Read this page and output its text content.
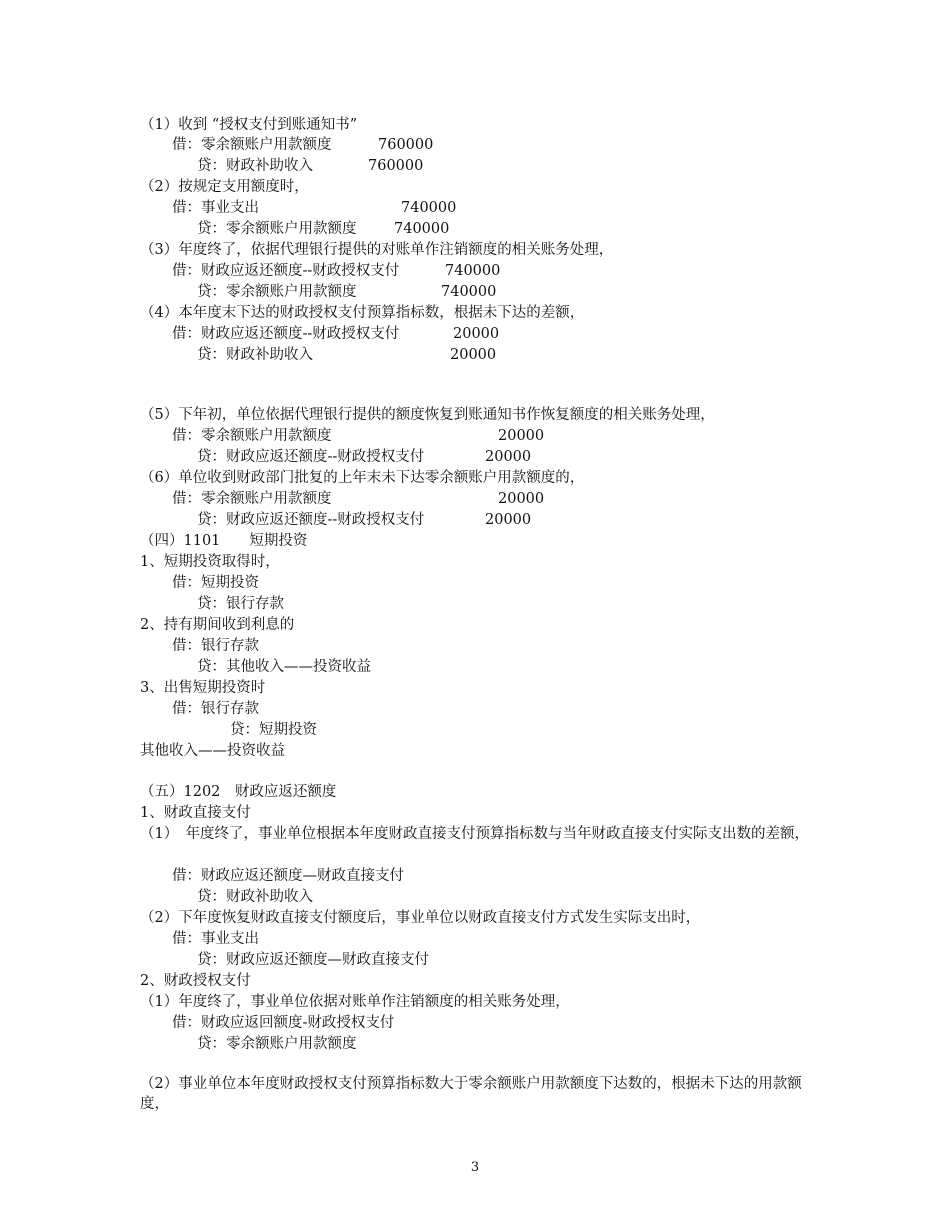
（1）收到 “授权支付到账通知书”
借：零余额账户用款额度	760000
贷：财政补助收入	760000
（2）按规定支用额度时，
借：事业支出	740000
贷：零余额账户用款额度	740000
（3）年度终了，依据代理银行提供的对账单作注销额度的相关账务处理，
借：财政应返还额度--财政授权支付	740000
贷：零余额账户用款额度	740000
（4）本年度末下达的财政授权支付预算指标数，根据未下达的差额，
借：财政应返还额度--财政授权支付	20000
贷：财政补助收入	20000
（5）下年初，单位依据代理银行提供的额度恢复到账通知书作恢复额度的相关账务处理，
借：零余额账户用款额度	20000
贷：财政应返还额度--财政授权支付	20000
（6）单位收到财政部门批复的上年末未下达零余额账户用款额度的，
借：零余额账户用款额度	20000
贷：财政应返还额度--财政授权支付	20000
（四）1101　　短期投资
1、短期投资取得时，
借：短期投资
贷：银行存款
2、持有期间收到利息的
借：银行存款
贷：其他收入——投资收益
3、出售短期投资时
借：银行存款
贷：短期投资
其他收入——投资收益
（五）1202　财政应返还额度
1、财政直接支付
（1）　年度终了，事业单位根据本年度财政直接支付预算指标数与当年财政直接支付实际支出数的差额，
借：财政应返还额度—财政直接支付
贷：财政补助收入
（2）下年度恢复财政直接支付额度后，事业单位以财政直接支付方式发生实际支出时，
借：事业支出
贷：财政应返还额度—财政直接支付
2、财政授权支付
（1）年度终了，事业单位依据对账单作注销额度的相关账务处理，
借：财政应返回额度-财政授权支付
贷：零余额账户用款额度
（2）事业单位本年度财政授权支付预算指标数大于零余额账户用款额度下达数的，根据未下达的用款额度，
3
